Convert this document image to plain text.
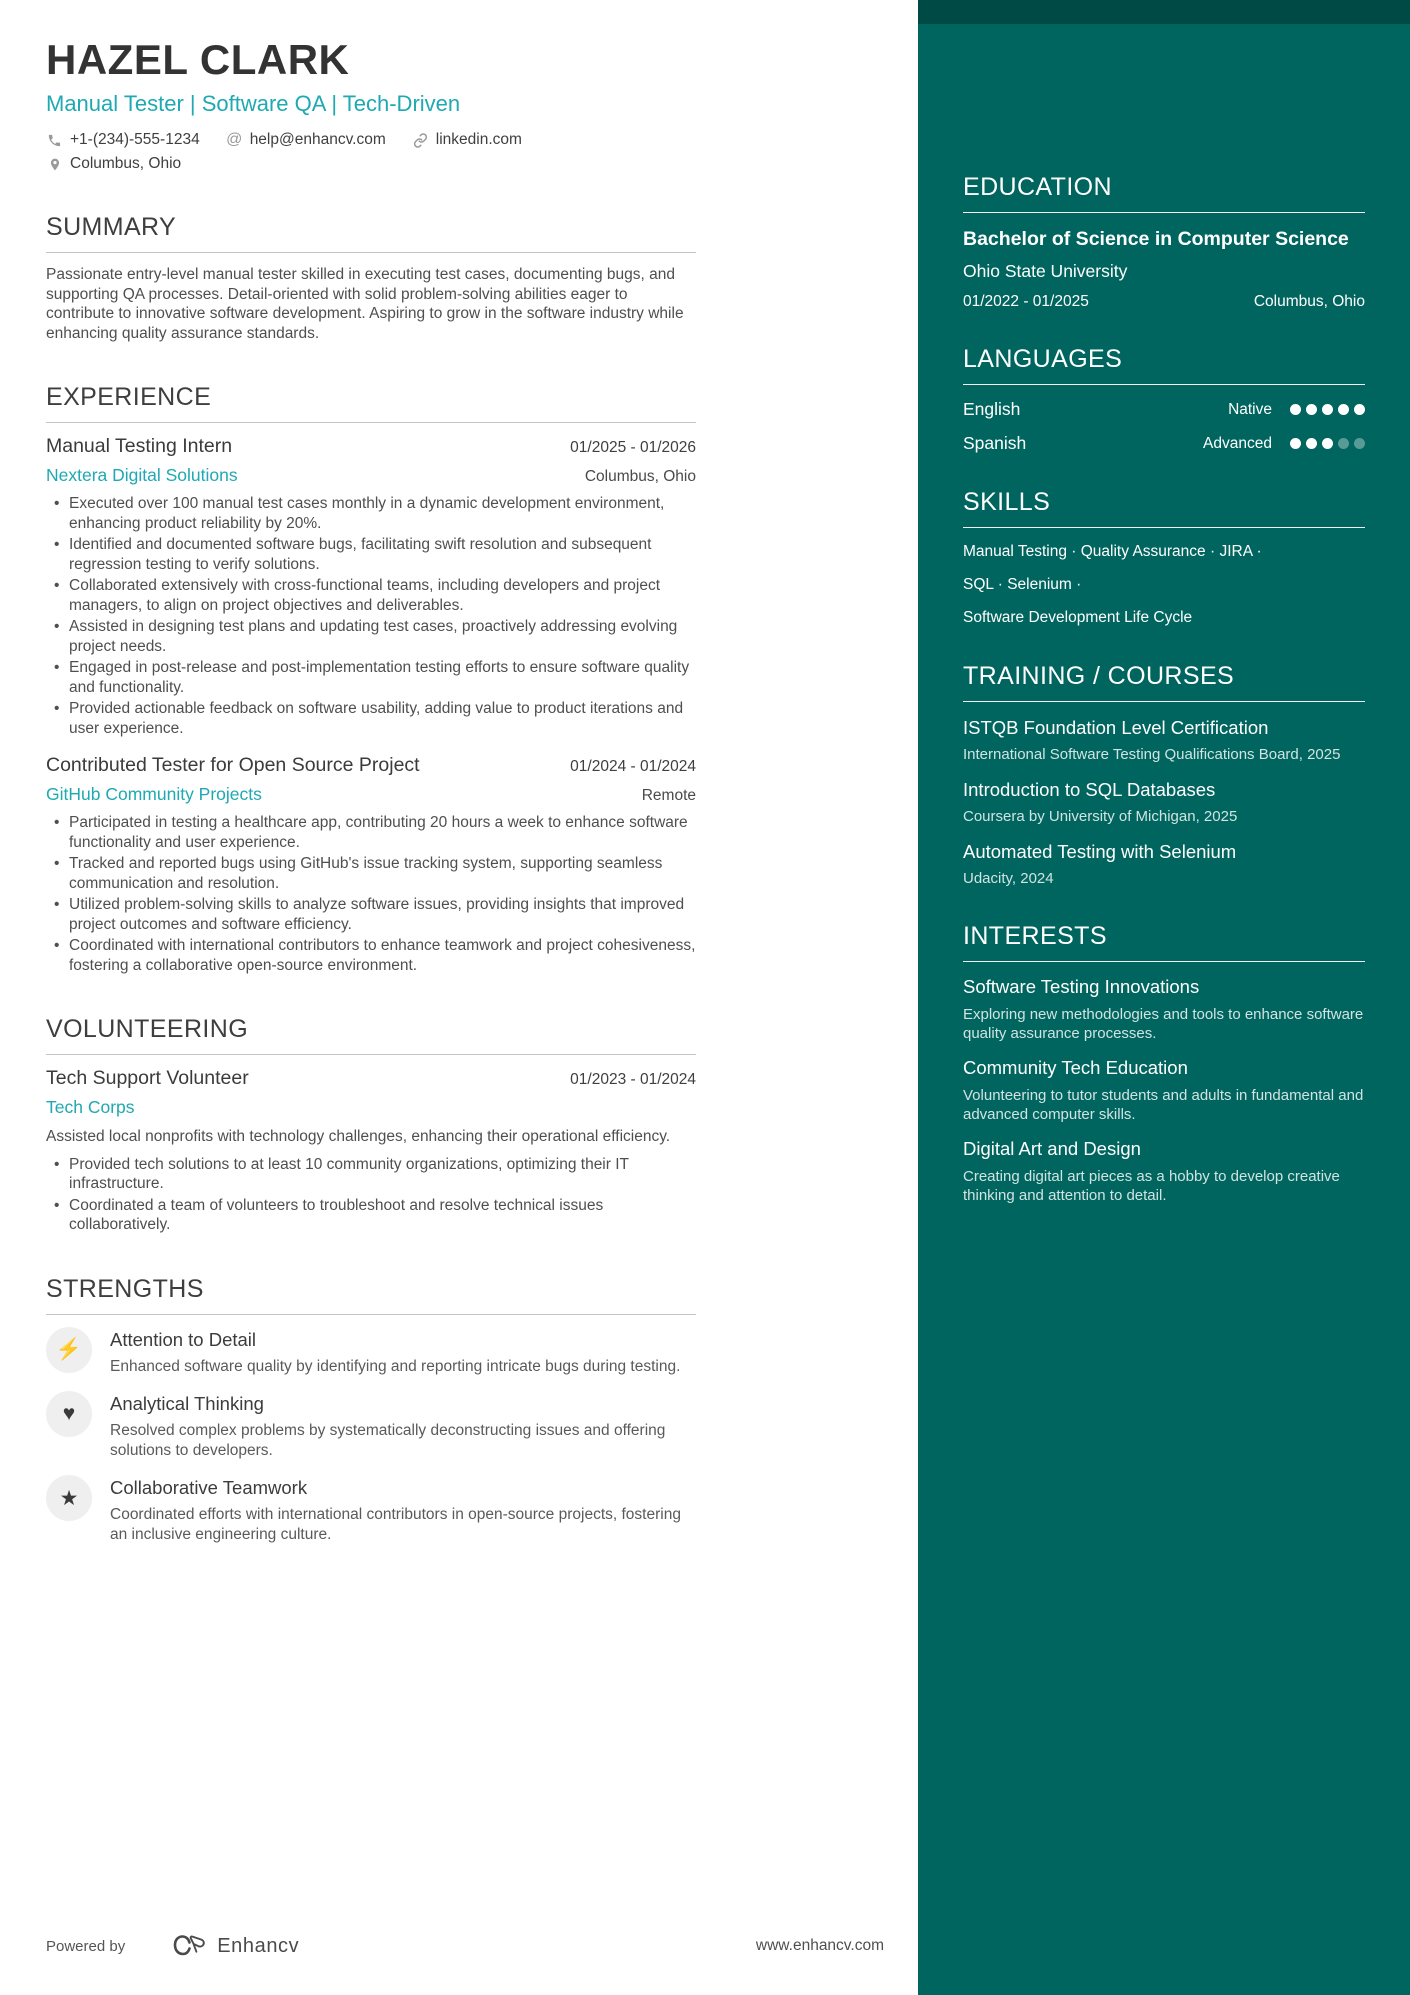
HAZEL CLARK
Manual Tester | Software QA | Tech-Driven
+1-(234)-555-1234 @ help@enhancv.com	linkedin.com
Columbus, Ohio
SUMMARY

Passionate entry-level manual tester skilled in executing test cases, documenting bugs, and supporting QA processes. Detail-oriented with solid problem-solving abilities eager to contribute to innovative software development. Aspiring to grow in the software industry while enhancing quality assurance standards.

EXPERIENCE
Manual Testing Intern	01/2025 - 01/2026
Nextera Digital Solutions	Columbus, Ohio
• Executed over 100 manual test cases monthly in a dynamic development environment, enhancing product reliability by 20%.
• Identified and documented software bugs, facilitating swift resolution and subsequent regression testing to verify solutions.
• Collaborated extensively with cross-functional teams, including developers and project managers, to align on project objectives and deliverables.
• Assisted in designing test plans and updating test cases, proactively addressing evolving project needs.
• Engaged in post-release and post-implementation testing efforts to ensure software quality and functionality.
• Provided actionable feedback on software usability, adding value to product iterations and user experience.
Contributed Tester for Open Source Project	01/2024 - 01/2024
GitHub Community Projects	Remote
• Participated in testing a healthcare app, contributing 20 hours a week to enhance software functionality and user experience.
• Tracked and reported bugs using GitHub's issue tracking system, supporting seamless communication and resolution.
• Utilized problem-solving skills to analyze software issues, providing insights that improved project outcomes and software efficiency.
• Coordinated with international contributors to enhance teamwork and project cohesiveness, fostering a collaborative open-source environment.
VOLUNTEERING
Tech Support Volunteer	01/2023 - 01/2024
Tech Corps

Assisted local nonprofits with technology challenges, enhancing their operational efficiency.

• Provided tech solutions to at least 10 community organizations, optimizing their IT infrastructure.
• Coordinated a team of volunteers to troubleshoot and resolve technical issues collaboratively.
STRENGTHS
⚡	Attention to Detail
Enhanced software quality by identifying and reporting intricate bugs during testing.
♥	Analytical Thinking
Resolved complex problems by systematically deconstructing issues and offering solutions to developers.
★	Collaborative Teamwork
Coordinated efforts with international contributors in open-source projects, fostering an inclusive engineering culture.
Powered by	Enhancv	www.enhancv.com
EDUCATION
Bachelor of Science in Computer Science
Ohio State University
01/2022 - 01/2025	Columbus, Ohio
LANGUAGES
English	Native
Spanish	Advanced
SKILLS
Manual Testing · Quality Assurance · JIRA ·
SQL · Selenium ·
Software Development Life Cycle
TRAINING / COURSES
ISTQB Foundation Level Certification
International Software Testing Qualifications Board, 2025
Introduction to SQL Databases
Coursera by University of Michigan, 2025
Automated Testing with Selenium
Udacity, 2024
INTERESTS
Software Testing Innovations
Exploring new methodologies and tools to enhance software quality assurance processes.
Community Tech Education
Volunteering to tutor students and adults in fundamental and advanced computer skills.
Digital Art and Design
Creating digital art pieces as a hobby to develop creative thinking and attention to detail.
